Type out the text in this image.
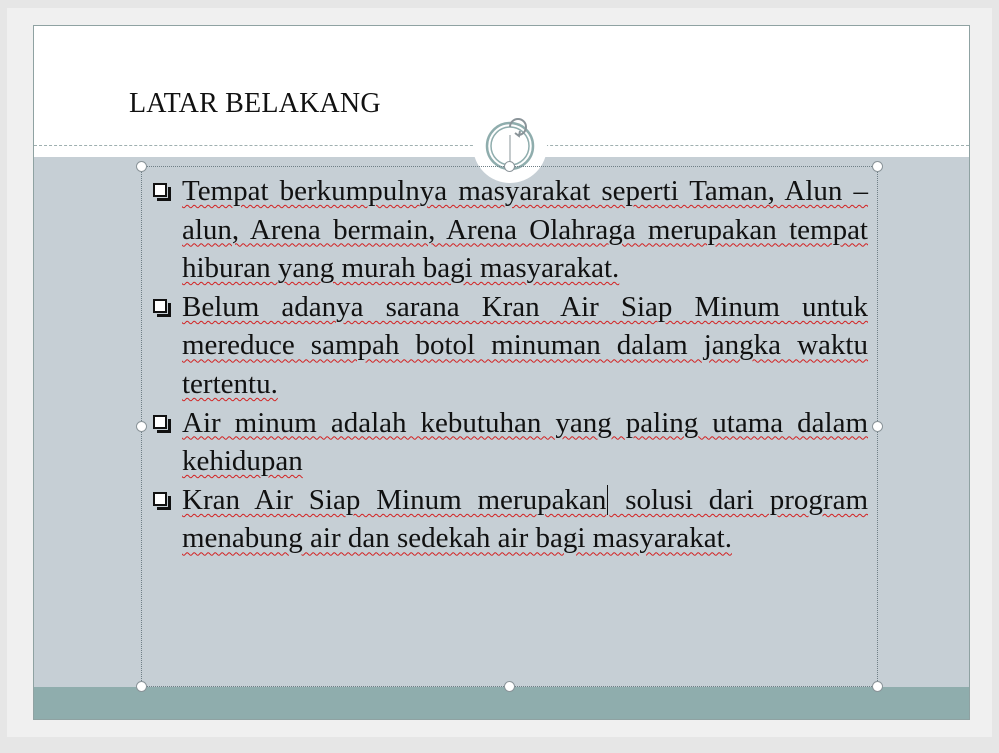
LATAR BELAKANG
Tempat berkumpulnya masyarakat seperti Taman, Alun –alun, Arena bermain, Arena Olahraga merupakan tempat hiburan yang murah bagi masyarakat.
Belum adanya sarana Kran Air Siap Minum untuk mereduce sampah botol minuman dalam jangka waktu tertentu.
Air minum adalah kebutuhan yang paling utama dalam kehidupan
Kran Air Siap Minum merupakan solusi dari program menabung air dan sedekah air bagi masyarakat.
